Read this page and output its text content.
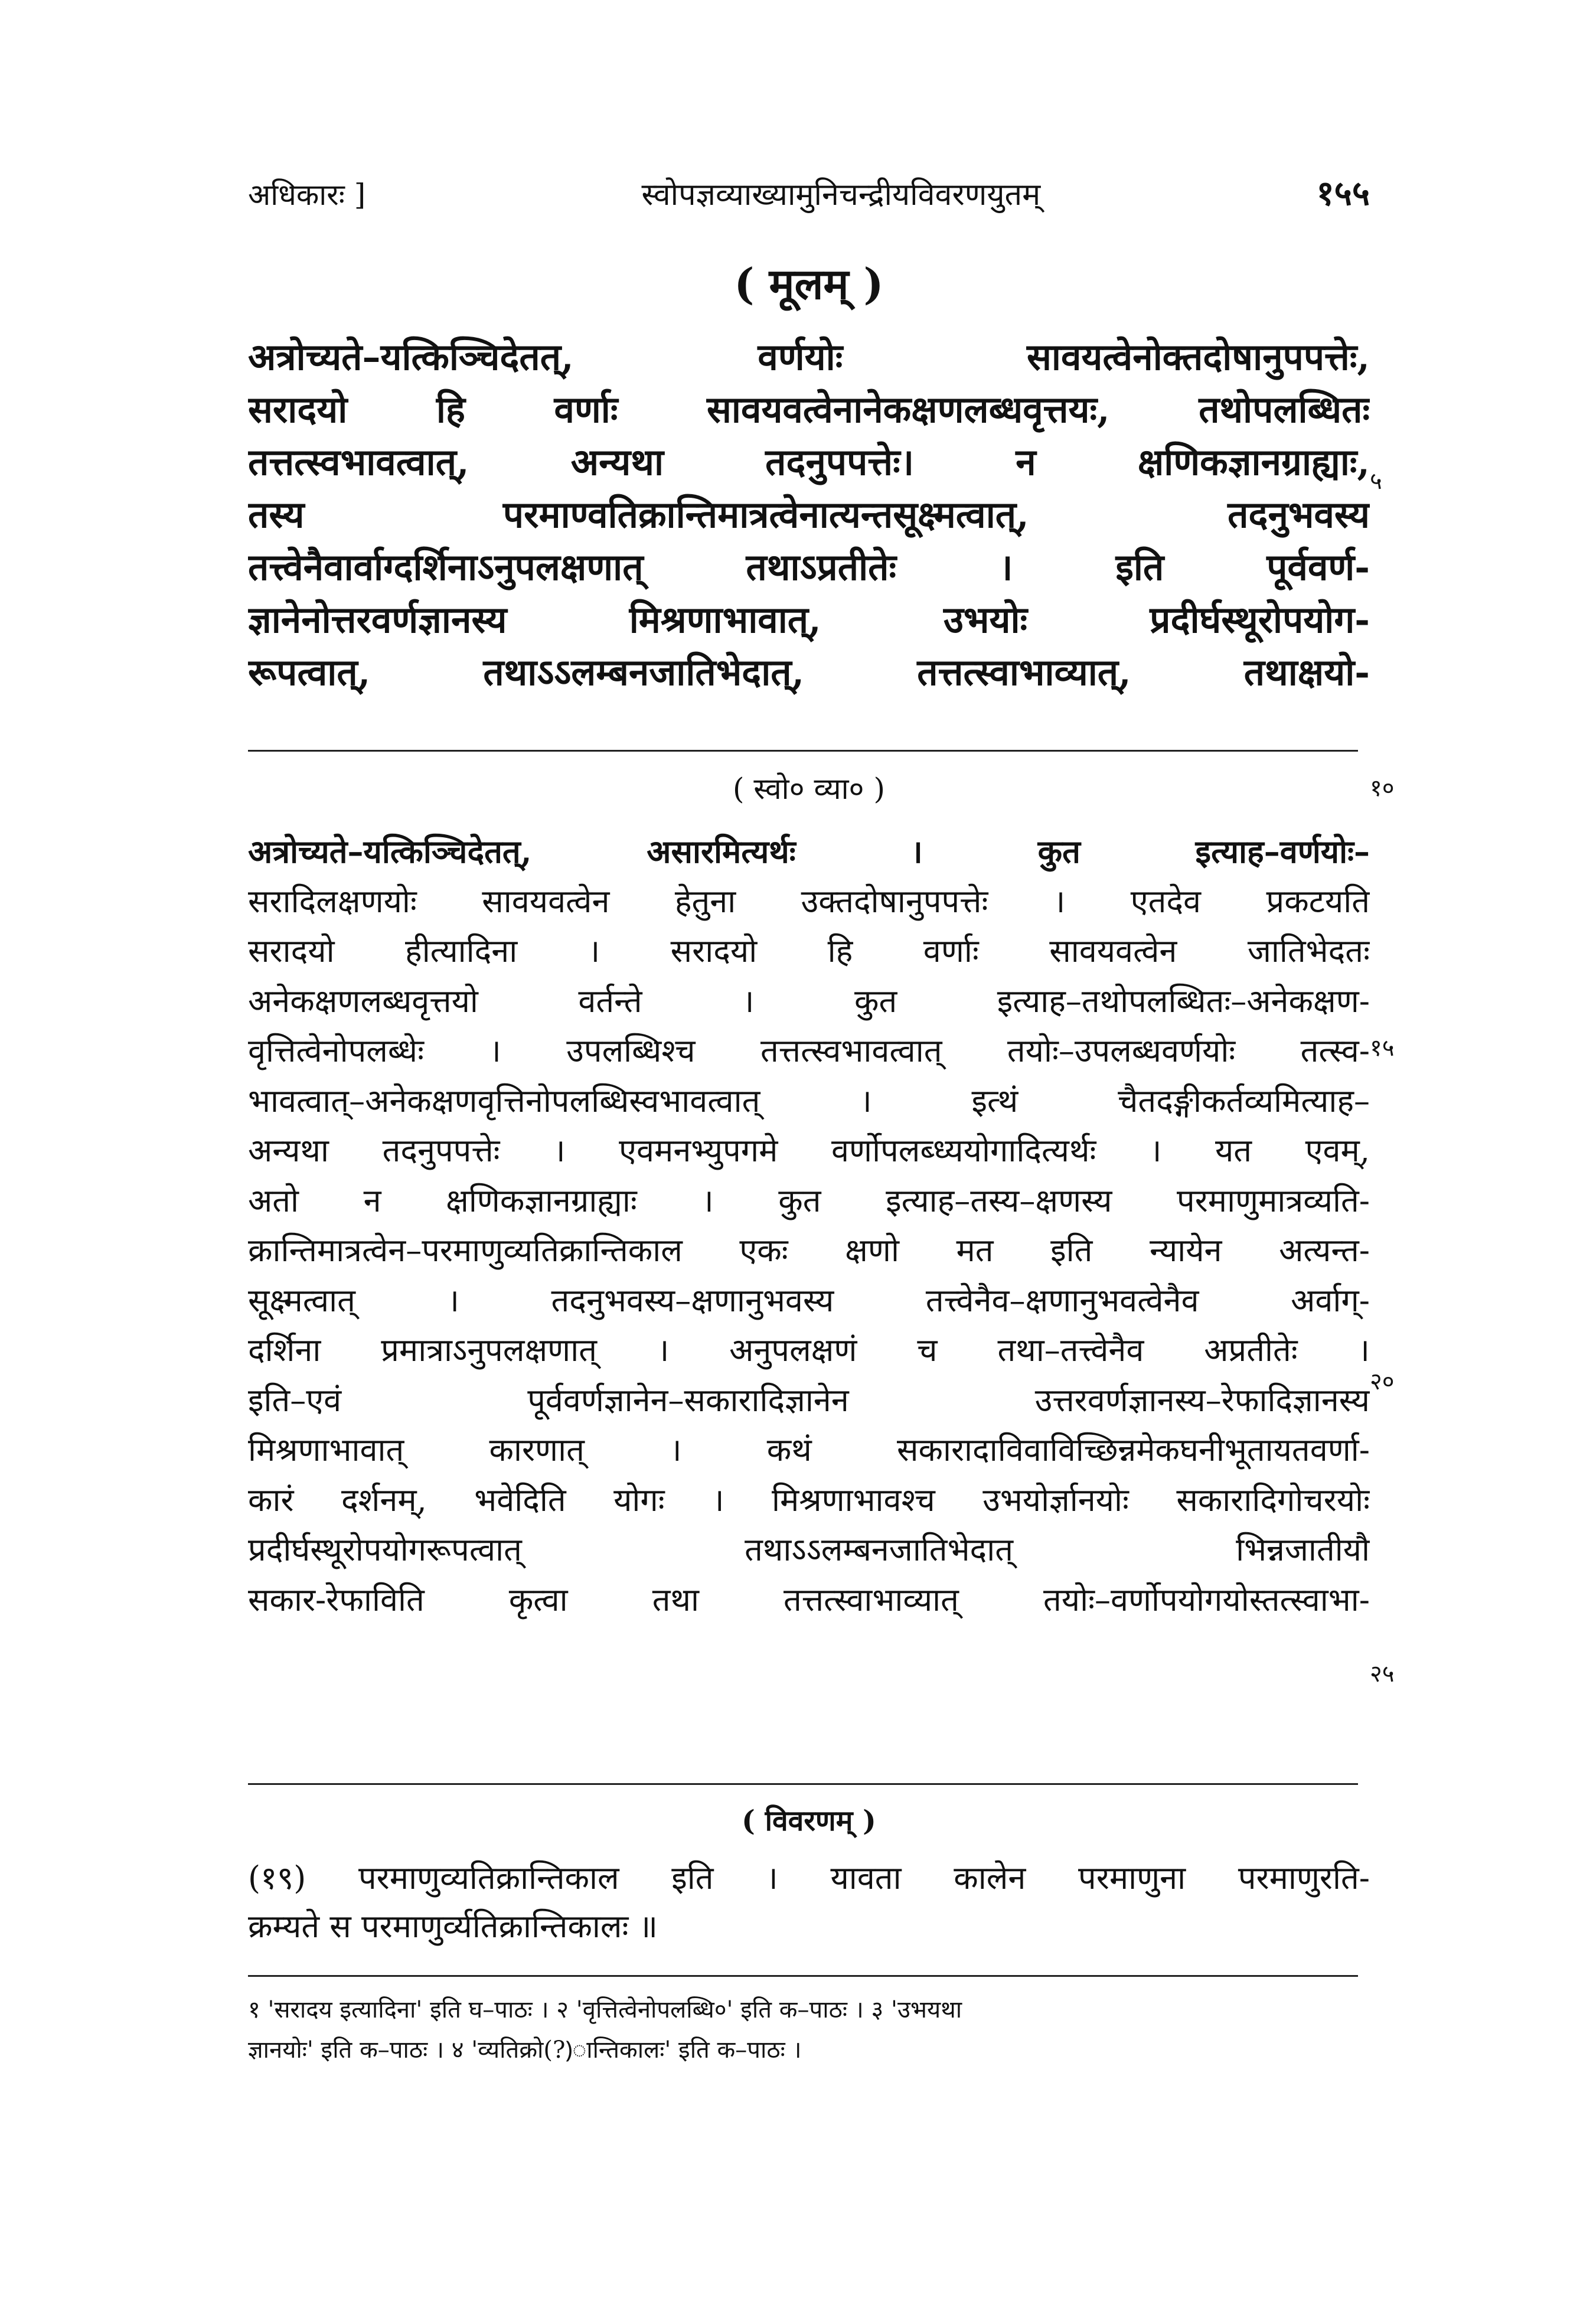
अधिकारः ]	स्वोपज्ञव्याख्यामुनिचन्द्रीयविवरणयुतम्	१५५
( मूलम् )
अत्रोच्यते–यत्किञ्चिदेतत्, वर्णयोः सावयत्वेनोक्तदोषानुपपत्तेः,
सरादयो हि वर्णाः सावयवत्वेनानेकक्षणलब्धवृत्तयः, तथोपलब्धितः
तत्तत्स्वभावत्वात्, अन्यथा तदनुपपत्तेः। न क्षणिकज्ञानग्राह्याः,
तस्य परमाण्वतिक्रान्तिमात्रत्वेनात्यन्तसूक्ष्मत्वात्, तदनुभवस्य
तत्त्वेनैवार्वाग्दर्शिनाऽनुपलक्षणात् तथाऽप्रतीतेः । इति पूर्ववर्ण-
ज्ञानेनोत्तरवर्णज्ञानस्य मिश्रणाभावात्, उभयोः प्रदीर्घस्थूरोपयोग-
रूपत्वात्, तथाऽऽलम्बनजातिभेदात्, तत्तत्स्वाभाव्यात्, तथाक्षयो-
( स्वो० व्या० )
अत्रोच्यते–यत्किञ्चिदेतत्, असारमित्यर्थः । कुत इत्याह–वर्णयोः–
सरादिलक्षणयोः सावयवत्वेन हेतुना उक्तदोषानुपपत्तेः । एतदेव प्रकटयति
सरादयो हीत्यादिना । सरादयो हि वर्णाः सावयवत्वेन जातिभेदतः
अनेकक्षणलब्धवृत्तयो वर्तन्ते । कुत इत्याह–तथोपलब्धितः–अनेकक्षण-
वृत्तित्वेनोपलब्धेः । उपलब्धिश्च तत्तत्स्वभावत्वात् तयोः–उपलब्धवर्णयोः तत्स्व-
भावत्वात्–अनेकक्षणवृत्तिनोपलब्धिस्वभावत्वात् । इत्थं चैतदङ्गीकर्तव्यमित्याह–
अन्यथा तदनुपपत्तेः । एवमनभ्युपगमे वर्णोपलब्ध्ययोगादित्यर्थः । यत एवम्,
अतो न क्षणिकज्ञानग्राह्याः । कुत इत्याह–तस्य–क्षणस्य परमाणुमात्रव्यति-
क्रान्तिमात्रत्वेन–परमाणुव्यतिक्रान्तिकाल एकः क्षणो मत इति न्यायेन अत्यन्त-
सूक्ष्मत्वात् । तदनुभवस्य–क्षणानुभवस्य तत्त्वेनैव–क्षणानुभवत्वेनैव अर्वाग्-
दर्शिना प्रमात्राऽनुपलक्षणात् । अनुपलक्षणं च तथा–तत्त्वेनैव अप्रतीतेः ।
इति–एवं पूर्ववर्णज्ञानेन–सकारादिज्ञानेन उत्तरवर्णज्ञानस्य–रेफादिज्ञानस्य
मिश्रणाभावात् कारणात् । कथं सकारादाविवाविच्छिन्नमेकघनीभूतायतवर्णा-
कारं दर्शनम्, भवेदिति योगः । मिश्रणाभावश्च उभयोर्ज्ञानयोः सकारादिगोचरयोः
प्रदीर्घस्थूरोपयोगरूपत्वात् तथाऽऽलम्बनजातिभेदात् भिन्नजातीयौ
सकार-रेफाविति कृत्वा तथा तत्तत्स्वाभाव्यात् तयोः–वर्णोपयोगयोस्तत्स्वाभा-
( विवरणम् )
(१९) परमाणुव्यतिक्रान्तिकाल इति । यावता कालेन परमाणुना परमाणुरति-
क्रम्यते स परमाणुर्व्यतिक्रान्तिकालः ॥
१ 'सरादय इत्यादिना' इति घ–पाठः । २ 'वृत्तित्वेनोपलब्धि०' इति क–पाठः । ३ 'उभयथा
ज्ञानयोः' इति क–पाठः । ४ 'व्यतिक्रो(?)ान्तिकालः' इति क–पाठः ।
५
१०
१५
२०
२५
